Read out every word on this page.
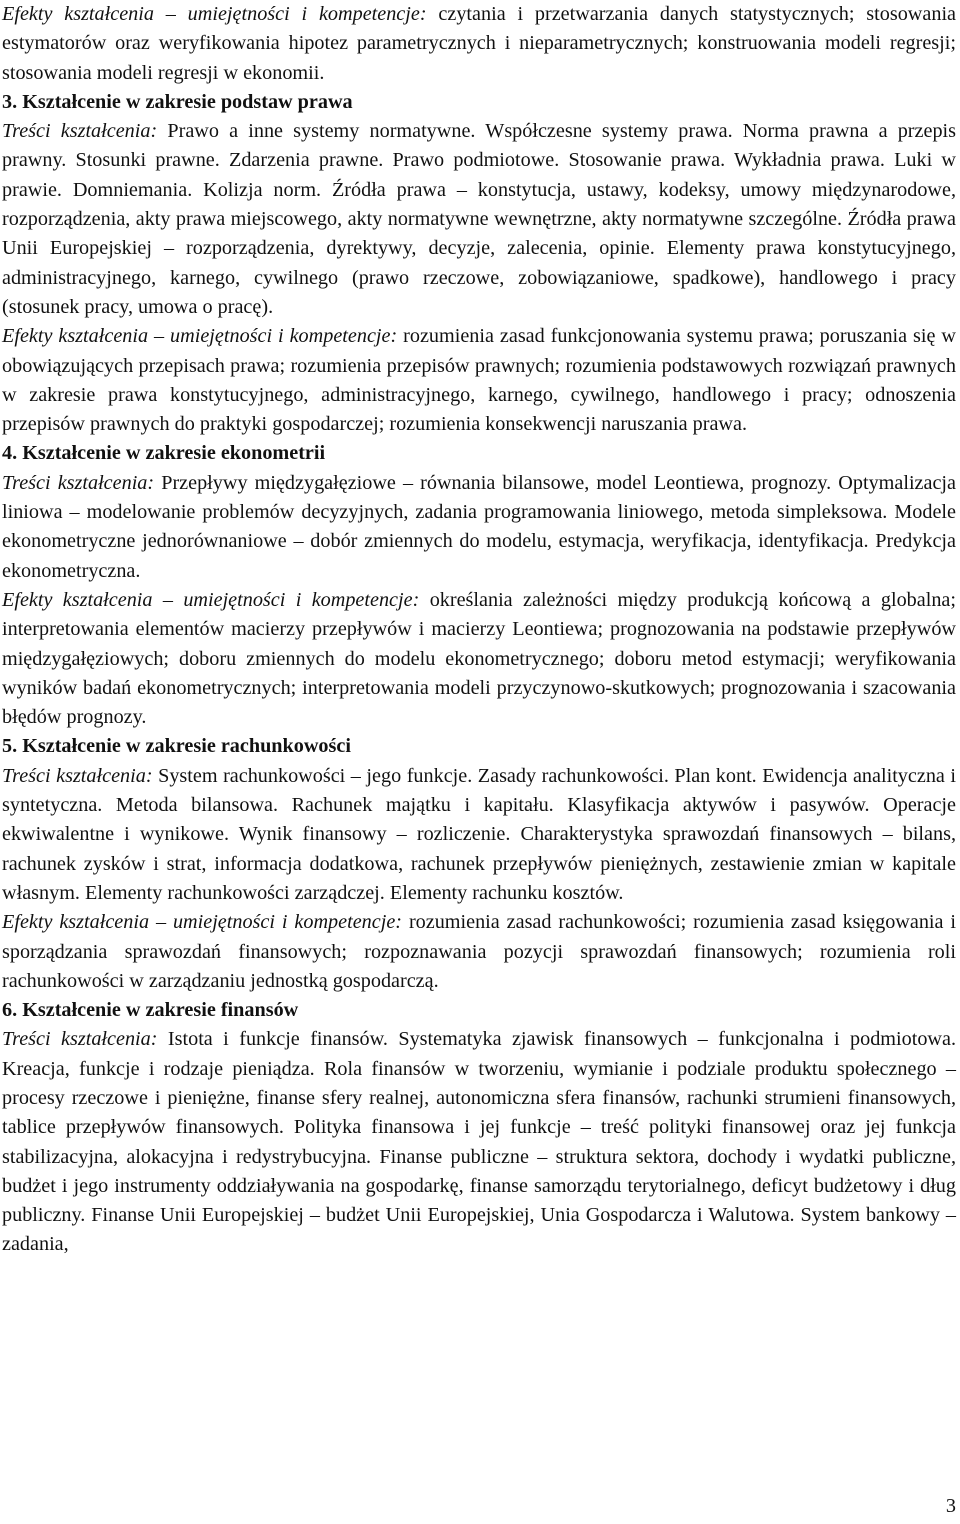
Efekty kształcenia – umiejętności i kompetencje: czytania i przetwarzania danych statystycznych; stosowania estymatorów oraz weryfikowania hipotez parametrycznych i nieparametrycznych; konstruowania modeli regresji; stosowania modeli regresji w ekonomii.

3. Kształcenie w zakresie podstaw prawa

Treści kształcenia: Prawo a inne systemy normatywne. Współczesne systemy prawa. Norma prawna a przepis prawny. Stosunki prawne. Zdarzenia prawne. Prawo podmiotowe. Stosowanie prawa. Wykładnia prawa. Luki w prawie. Domniemania. Kolizja norm. Źródła prawa – konstytucja, ustawy, kodeksy, umowy międzynarodowe, rozporządzenia, akty prawa miejscowego, akty normatywne wewnętrzne, akty normatywne szczególne. Źródła prawa Unii Europejskiej – rozporządzenia, dyrektywy, decyzje, zalecenia, opinie. Elementy prawa konstytucyjnego, administracyjnego, karnego, cywilnego (prawo rzeczowe, zobowiązaniowe, spadkowe), handlowego i pracy (stosunek pracy, umowa o pracę).

Efekty kształcenia – umiejętności i kompetencje: rozumienia zasad funkcjonowania systemu prawa; poruszania się w obowiązujących przepisach prawa; rozumienia przepisów prawnych; rozumienia podstawowych rozwiązań prawnych w zakresie prawa konstytucyjnego, administracyjnego, karnego, cywilnego, handlowego i pracy; odnoszenia przepisów prawnych do praktyki gospodarczej; rozumienia konsekwencji naruszania prawa.

4. Kształcenie w zakresie ekonometrii

Treści kształcenia: Przepływy międzygałęziowe – równania bilansowe, model Leontiewa, prognozy. Optymalizacja liniowa – modelowanie problemów decyzyjnych, zadania programowania liniowego, metoda simpleksowa. Modele ekonometryczne jednorównaniowe – dobór zmiennych do modelu, estymacja, weryfikacja, identyfikacja. Predykcja ekonometryczna.

Efekty kształcenia – umiejętności i kompetencje: określania zależności między produkcją końcową a globalna; interpretowania elementów macierzy przepływów i macierzy Leontiewa; prognozowania na podstawie przepływów międzygałęziowych; doboru zmiennych do modelu ekonometrycznego; doboru metod estymacji; weryfikowania wyników badań ekonometrycznych; interpretowania modeli przyczynowo-skutkowych; prognozowania i szacowania błędów prognozy.

5. Kształcenie w zakresie rachunkowości

Treści kształcenia: System rachunkowości – jego funkcje. Zasady rachunkowości. Plan kont. Ewidencja analityczna i syntetyczna. Metoda bilansowa. Rachunek majątku i kapitału. Klasyfikacja aktywów i pasywów. Operacje ekwiwalentne i wynikowe. Wynik finansowy – rozliczenie. Charakterystyka sprawozdań finansowych – bilans, rachunek zysków i strat, informacja dodatkowa, rachunek przepływów pieniężnych, zestawienie zmian w kapitale własnym. Elementy rachunkowości zarządczej. Elementy rachunku kosztów.

Efekty kształcenia – umiejętności i kompetencje: rozumienia zasad rachunkowości; rozumienia zasad księgowania i sporządzania sprawozdań finansowych; rozpoznawania pozycji sprawozdań finansowych; rozumienia roli rachunkowości w zarządzaniu jednostką gospodarczą.

6. Kształcenie w zakresie finansów

Treści kształcenia: Istota i funkcje finansów. Systematyka zjawisk finansowych – funkcjonalna i podmiotowa. Kreacja, funkcje i rodzaje pieniądza. Rola finansów w tworzeniu, wymianie i podziale produktu społecznego – procesy rzeczowe i pieniężne, finanse sfery realnej, autonomiczna sfera finansów, rachunki strumieni finansowych, tablice przepływów finansowych. Polityka finansowa i jej funkcje – treść polityki finansowej oraz jej funkcja stabilizacyjna, alokacyjna i redystrybucyjna. Finanse publiczne – struktura sektora, dochody i wydatki publiczne, budżet i jego instrumenty oddziaływania na gospodarkę, finanse samorządu terytorialnego, deficyt budżetowy i dług publiczny. Finanse Unii Europejskiej – budżet Unii Europejskiej, Unia Gospodarcza i Walutowa. System bankowy – zadania,

3
